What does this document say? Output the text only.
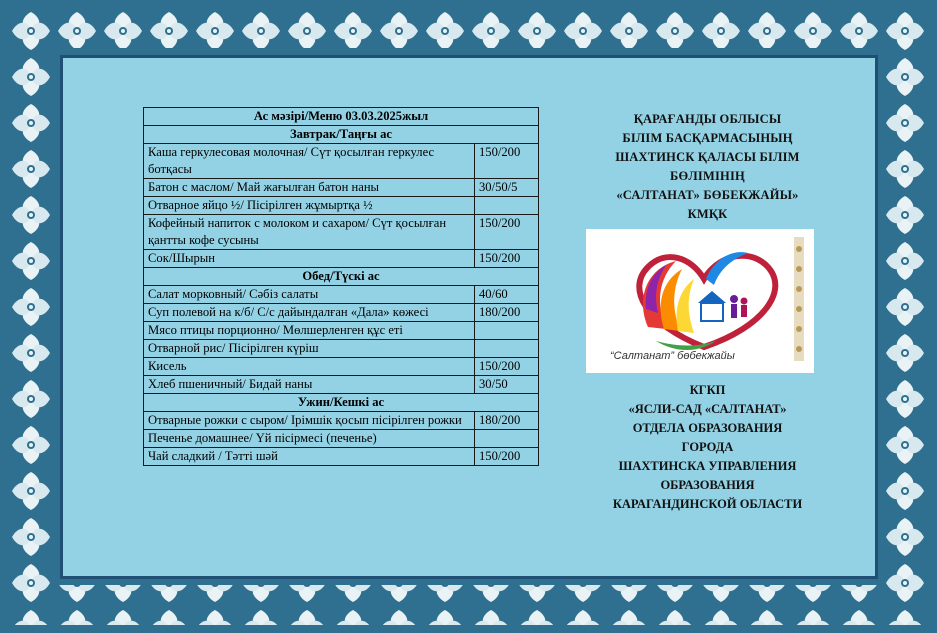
Ас мәзірі/Меню 03.03.2025жыл	
Завтрак/Таңғы ас	
Каша геркулесовая молочная/ Сүт қосылған геркулес ботқасы	150/200
Батон с маслом/ Май жағылған батон наны	30/50/5
Отварное яйцо ½/ Пісірілген жұмыртқа ½	
Кофейный напиток с молоком и сахаром/ Сүт қосылған қантты кофе сусыны	150/200
Сок/Шырын	150/200
Обед/Түскі ас	
Салат морковный/ Сәбіз салаты	40/60
Суп полевой на к/б/ С/с дайындалған «Дала» көжесі	180/200
Мясо птицы порционно/ Мөлшерленген құс еті	
Отварной рис/ Пісірілген күріш	
Кисель	150/200
Хлеб пшеничный/ Бидай наны	30/50
Ужин/Кешкі ас	
Отварные рожки с сыром/ Ірімшік қосып пісірілген рожки	180/200
Печенье домашнее/ Үй пісірмесі (печенье)	
Чай сладкий / Тәтті шәй	150/200
ҚАРАҒАНДЫ ОБЛЫСЫ
БІЛІМ БАСҚАРМАСЫНЫҢ
ШАХТИНСК ҚАЛАСЫ БІЛІМ
БӨЛІМІНІҢ
«САЛТАНАТ» БӨБЕКЖАЙЫ»
КМҚК
“Салтанат” бөбекжайы
КГКП
«ЯСЛИ-САД «САЛТАНАТ»
ОТДЕЛА ОБРАЗОВАНИЯ
ГОРОДА
ШАХТИНСКА УПРАВЛЕНИЯ
ОБРАЗОВАНИЯ
КАРАГАНДИНСКОЙ ОБЛАСТИ
